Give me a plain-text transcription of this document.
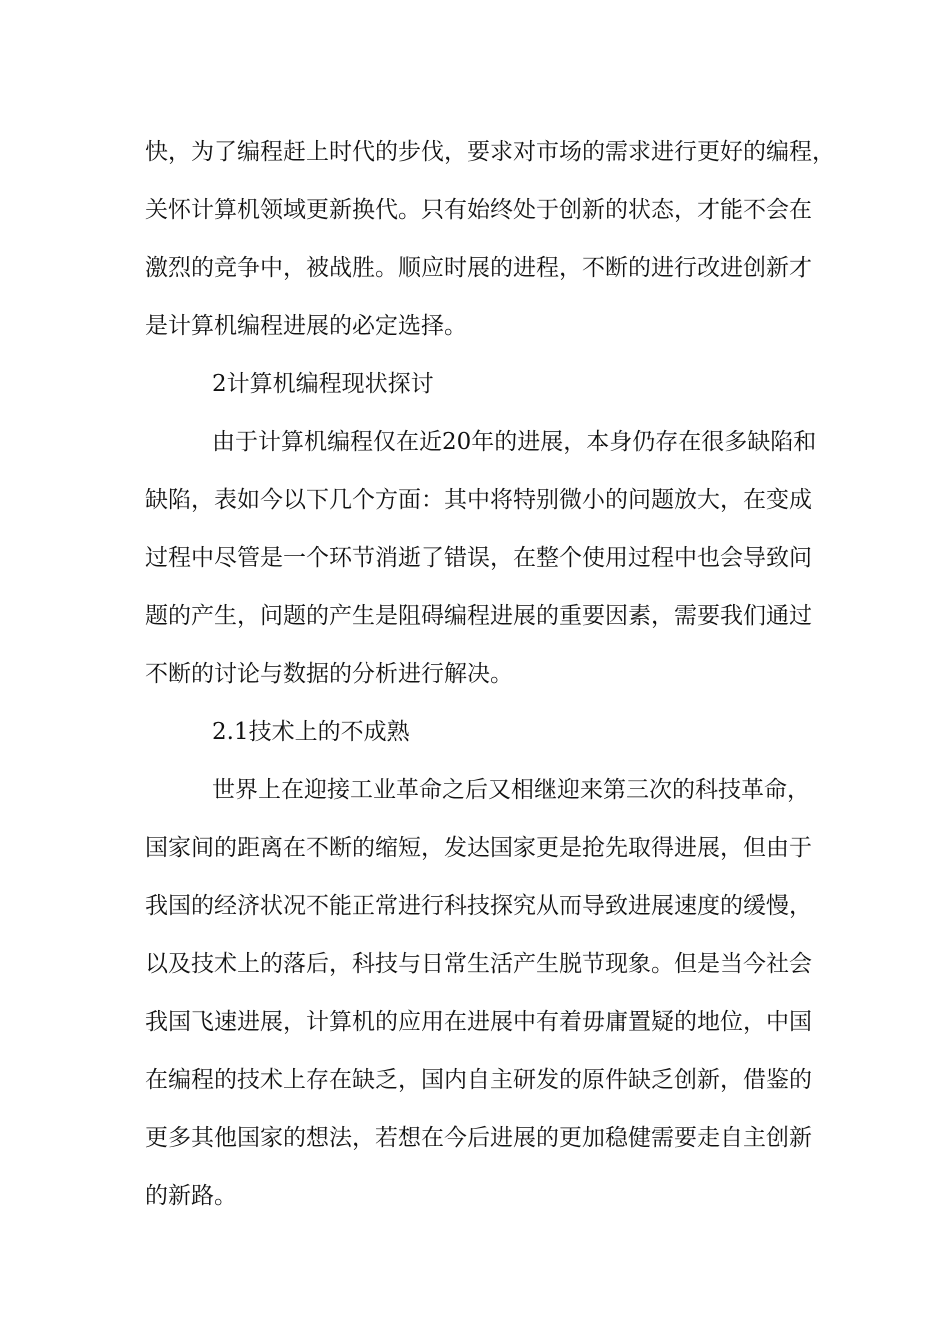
快，为了编程赶上时代的步伐，要求对市场的需求进行更好的编程，
关怀计算机领域更新换代。只有始终处于创新的状态，才能不会在
激烈的竞争中，被战胜。顺应时展的进程，不断的进行改进创新才
是计算机编程进展的必定选择。
2计算机编程现状探讨
由于计算机编程仅在近20年的进展，本身仍存在很多缺陷和
缺陷，表如今以下几个方面：其中将特别微小的问题放大，在变成
过程中尽管是一个环节消逝了错误，在整个使用过程中也会导致问
题的产生，问题的产生是阻碍编程进展的重要因素，需要我们通过
不断的讨论与数据的分析进行解决。
2.1技术上的不成熟
世界上在迎接工业革命之后又相继迎来第三次的科技革命，
国家间的距离在不断的缩短，发达国家更是抢先取得进展，但由于
我国的经济状况不能正常进行科技探究从而导致进展速度的缓慢，
以及技术上的落后，科技与日常生活产生脱节现象。但是当今社会
我国飞速进展，计算机的应用在进展中有着毋庸置疑的地位，中国
在编程的技术上存在缺乏，国内自主研发的原件缺乏创新，借鉴的
更多其他国家的想法，若想在今后进展的更加稳健需要走自主创新
的新路。
